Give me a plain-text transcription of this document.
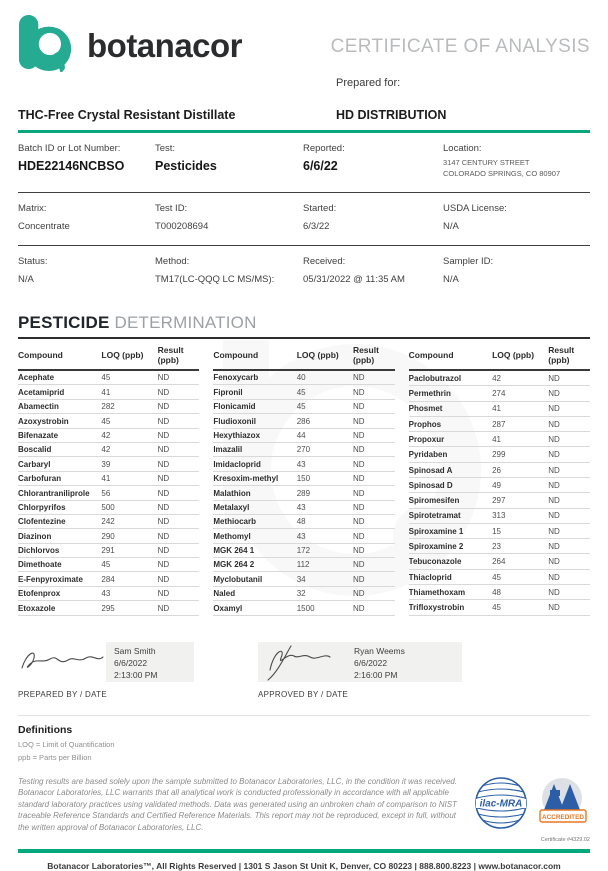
botanacor	CERTIFICATE OF ANALYSIS
THC-Free Crystal Resistant Distillate
Prepared for:
HD DISTRIBUTION
Batch ID or Lot Number:
HDE22146NCBSO
Test:
Pesticides
Reported:
6/6/22
Location:
3147 CENTURY STREET
COLORADO SPRINGS, CO 80907
Matrix:
Concentrate
Test ID:
T000208694
Started:
6/3/22
USDA License:
N/A
Status:
N/A
Method:
TM17(LC-QQQ LC MS/MS):
Received:
05/31/2022 @ 11:35 AM
Sampler ID:
N/A
PESTICIDE DETERMINATION
Compound	LOQ (ppb)	Result (ppb)
Acephate	45	ND
Acetamiprid	41	ND
Abamectin	282	ND
Azoxystrobin	45	ND
Bifenazate	42	ND
Boscalid	42	ND
Carbaryl	39	ND
Carbofuran	41	ND
Chlorantraniliprole	56	ND
Chlorpyrifos	500	ND
Clofentezine	242	ND
Diazinon	290	ND
Dichlorvos	291	ND
Dimethoate	45	ND
E-Fenpyroximate	284	ND
Etofenprox	43	ND
Etoxazole	295	ND
Compound	LOQ (ppb)	Result (ppb)
Fenoxycarb	40	ND
Fipronil	45	ND
Flonicamid	45	ND
Fludioxonil	286	ND
Hexythiazox	44	ND
Imazalil	270	ND
Imidacloprid	43	ND
Kresoxim-methyl	150	ND
Malathion	289	ND
Metalaxyl	43	ND
Methiocarb	48	ND
Methomyl	43	ND
MGK 264 1	172	ND
MGK 264 2	112	ND
Myclobutanil	34	ND
Naled	32	ND
Oxamyl	1500	ND
Compound	LOQ (ppb)	Result (ppb)
Paclobutrazol	42	ND
Permethrin	274	ND
Phosmet	41	ND
Prophos	287	ND
Propoxur	41	ND
Pyridaben	299	ND
Spinosad A	26	ND
Spinosad D	49	ND
Spiromesifen	297	ND
Spirotetramat	313	ND
Spiroxamine 1	15	ND
Spiroxamine 2	23	ND
Tebuconazole	264	ND
Thiacloprid	45	ND
Thiamethoxam	48	ND
Trifloxystrobin	45	ND
Sam Smith
6/6/2022
2:13:00 PM
PREPARED BY / DATE
Ryan Weems
6/6/2022
2:16:00 PM
APPROVED BY / DATE
Definitions
LOQ = Limit of Quantification
ppb = Parts per Billion
Testing results are based solely upon the sample submitted to Botanacor Laboratories, LLC, in the condition it was received. Botanacor Laboratories, LLC warrants that all analytical work is conducted professionally in accordance with all applicable standard laboratory practices using validated methods. Data was generated using an unbroken chain of comparison to NIST traceable Reference Standards and Certified Reference Materials. This report may not be reproduced, except in full, without the written approval of Botanacor Laboratories, LLC.
ilac-MRA
ACCREDITED
Certificate #4329.02
Botanacor Laboratories™, All Rights Reserved | 1301 S Jason St Unit K, Denver, CO 80223 | 888.800.8223 | www.botanacor.com
